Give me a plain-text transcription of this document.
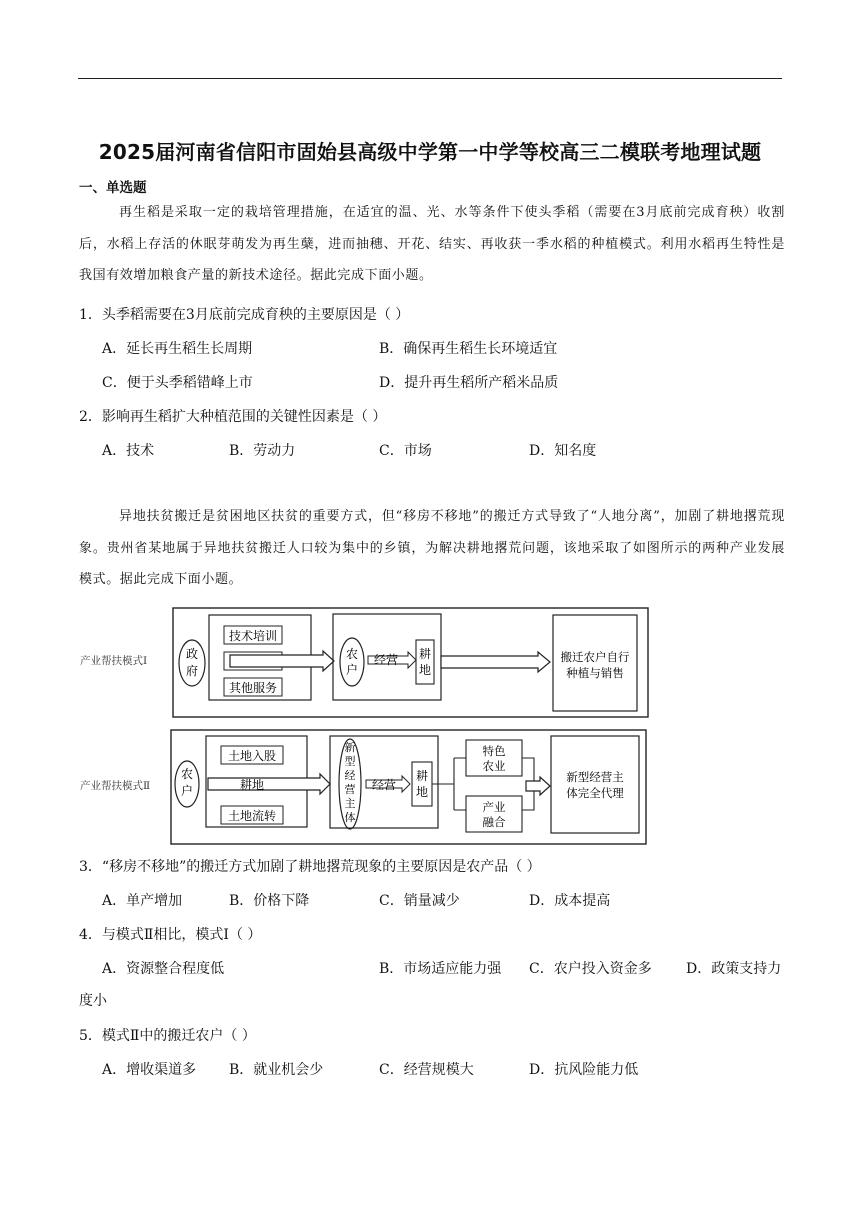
2025届河南省信阳市固始县高级中学第一中学等校高三二模联考地理试题
一、单选题
再生稻是采取一定的栽培管理措施，在适宜的温、光、水等条件下使头季稻（需要在3月底前完成育秧）收割后，水稻上存活的休眠芽萌发为再生蘖，进而抽穗、开花、结实、再收获一季水稻的种植模式。利用水稻再生特性是我国有效增加粮食产量的新技术途径。据此完成下面小题。
1．头季稻需要在3月底前完成育秧的主要原因是（ ）
A．延长再生稻生长周期	B．确保再生稻生长环境适宜
C．便于头季稻错峰上市	D．提升再生稻所产稻米品质
2．影响再生稻扩大种植范围的关键性因素是（ ）
A．技术	B．劳动力	C．市场	D．知名度
异地扶贫搬迁是贫困地区扶贫的重要方式，但“移房不移地”的搬迁方式导致了“人地分离”，加剧了耕地撂荒现象。贵州省某地属于异地扶贫搬迁人口较为集中的乡镇，为解决耕地撂荒问题，该地采取了如图所示的两种产业发展模式。据此完成下面小题。
产业帮扶模式Ⅰ	政
府
技术培训
其他服务
农
户
经营 耕
地
搬迁农户自行
种植与销售
产业帮扶模式Ⅱ
农
户
土地入股
耕地
土地流转
新
型
经
营
主
体
经营
耕
地
特色
农业
产业
融合
新型经营主
体完全代理
3．“移房不移地”的搬迁方式加剧了耕地撂荒现象的主要原因是农产品（ ）
A．单产增加	B．价格下降	C．销量减少	D．成本提高
4．与模式Ⅱ相比，模式Ⅰ（ ）
A．资源整合程度低	B．市场适应能力强 C．农户投入资金多 D．政策支持力
度小
5．模式Ⅱ中的搬迁农户（ ）
A．增收渠道多 B．就业机会少	C．经营规模大	D．抗风险能力低
